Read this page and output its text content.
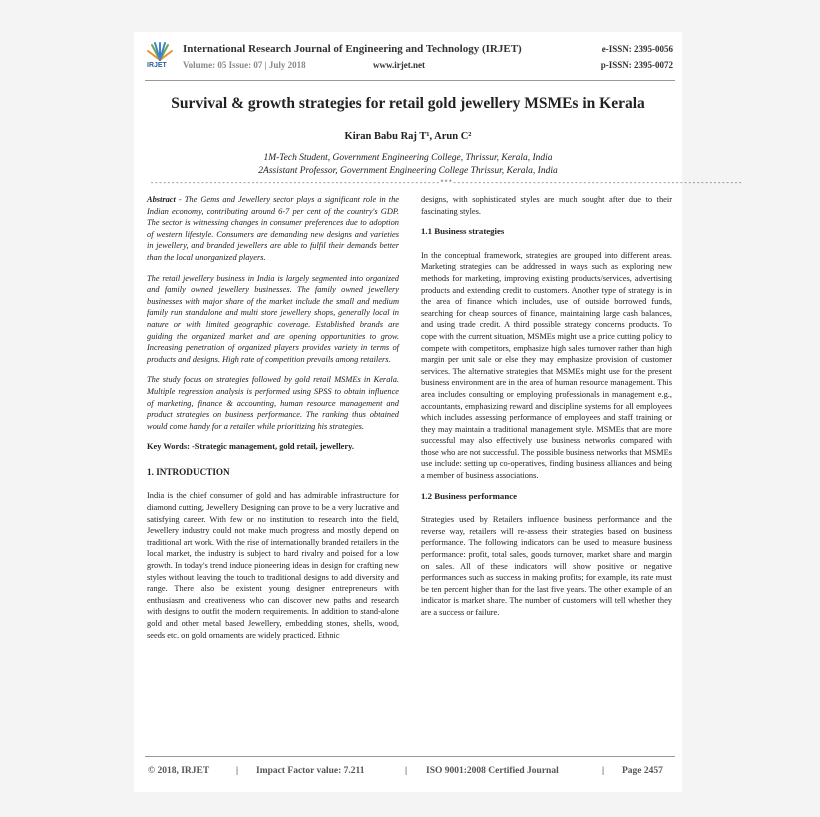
IRJET
International Research Journal of Engineering and Technology (IRJET)	e-ISSN: 2395-0056
Volume: 05 Issue: 07 | July 2018	www.irjet.net	p-ISSN: 2395-0072
Survival & growth strategies for retail gold jewellery MSMEs in Kerala
Kiran Babu Raj T¹, Arun C²
1M-Tech Student, Government Engineering College, Thrissur, Kerala, India
2Assistant Professor, Government Engineering College Thrissur, Kerala, India
---------------------------------------------------------------------***---------------------------------------------------------------------

Abstract - The Gems and Jewellery sector plays a significant role in the Indian economy, contributing around 6-7 per cent of the country's GDP. The sector is witnessing changes in consumer preferences due to adoption of western lifestyle. Consumers are demanding new designs and varieties in jewellery, and branded jewellers are able to fulfil their demands better than the local unorganized players.

The retail jewellery business in India is largely segmented into organized and family owned jewellery businesses. The family owned jewellery businesses with major share of the market include the small and medium family run standalone and multi store jewellery shops, generally local in nature or with limited geographic coverage. Established brands are guiding the organized market and are opening opportunities to grow. Increasing penetration of organized players provides variety in terms of products and designs. High rate of competition prevails among retailers.

The study focus on strategies followed by gold retail MSMEs in Kerala. Multiple regression analysis is performed using SPSS to obtain influence of marketing, finance & accounting, human resource management and product strategies on business performance. The ranking thus obtained would come handy for a retailer while prioritizing his strategies.

Key Words: -Strategic management, gold retail, jewellery.

1. INTRODUCTION

India is the chief consumer of gold and has admirable infrastructure for diamond cutting, Jewellery Designing can prove to be a very lucrative and satisfying career. With few or no institution to research into the field, Jewellery industry could not make much progress and mostly depend on traditional art work. With the rise of internationally branded retailers in the local market, the industry is subject to hard rivalry and poised for a low growth. In today's trend induce pioneering ideas in design for crafting new styles without leaving the touch to traditional designs to add diversity and range. There also be existent young designer entrepreneurs with enthusiasm and creativeness who can discover new paths and research with designs to outfit the modern requirements. In addition to stand-alone gold and other metal based Jewellery, embedding stones, shells, wood, seeds etc. on gold ornaments are widely practiced. Ethnic

designs, with sophisticated styles are much sought after due to their fascinating styles.

1.1 Business strategies

In the conceptual framework, strategies are grouped into different areas. Marketing strategies can be addressed in ways such as exploring new methods for marketing, improving existing products/services, advertising products and extending credit to customers. Another type of strategy is in the area of finance which includes, use of outside borrowed funds, searching for cheap sources of finance, maintaining large cash balances, and using trade credit. A third possible strategy concerns products. To cope with the current situation, MSMEs might use a price cutting policy to compete with competitors, emphasize high sales turnover rather than high margin per unit sale or else they may emphasize provision of customer services. The alternative strategies that MSMEs might use for the present business environment are in the area of human resource management. This area includes consulting or employing professionals in management e.g., accountants, emphasizing reward and discipline systems for all employees which includes assessing performance of employees and staff training or they may maintain a traditional management style. MSMEs that are more successful may also effectively use business networks compared with those who are not successful. The possible business networks that MSMEs use include: setting up co-operatives, finding business alliances and being a member of business associations.

1.2 Business performance

Strategies used by Retailers influence business performance and the reverse way, retailers will re-assess their strategies based on business performance. The following indicators can be used to measure business performance: profit, total sales, goods turnover, market share and margin on sales. All of these indicators will show positive or negative performances such as success in making profits; for example, its rate must be ten percent higher than for the last five years. The other example of an indicator is market share. The number of customers will tell whether they are a success or failure.

© 2018, IRJET	| Impact Factor value: 7.211	| ISO 9001:2008 Certified Journal	| Page 2457
